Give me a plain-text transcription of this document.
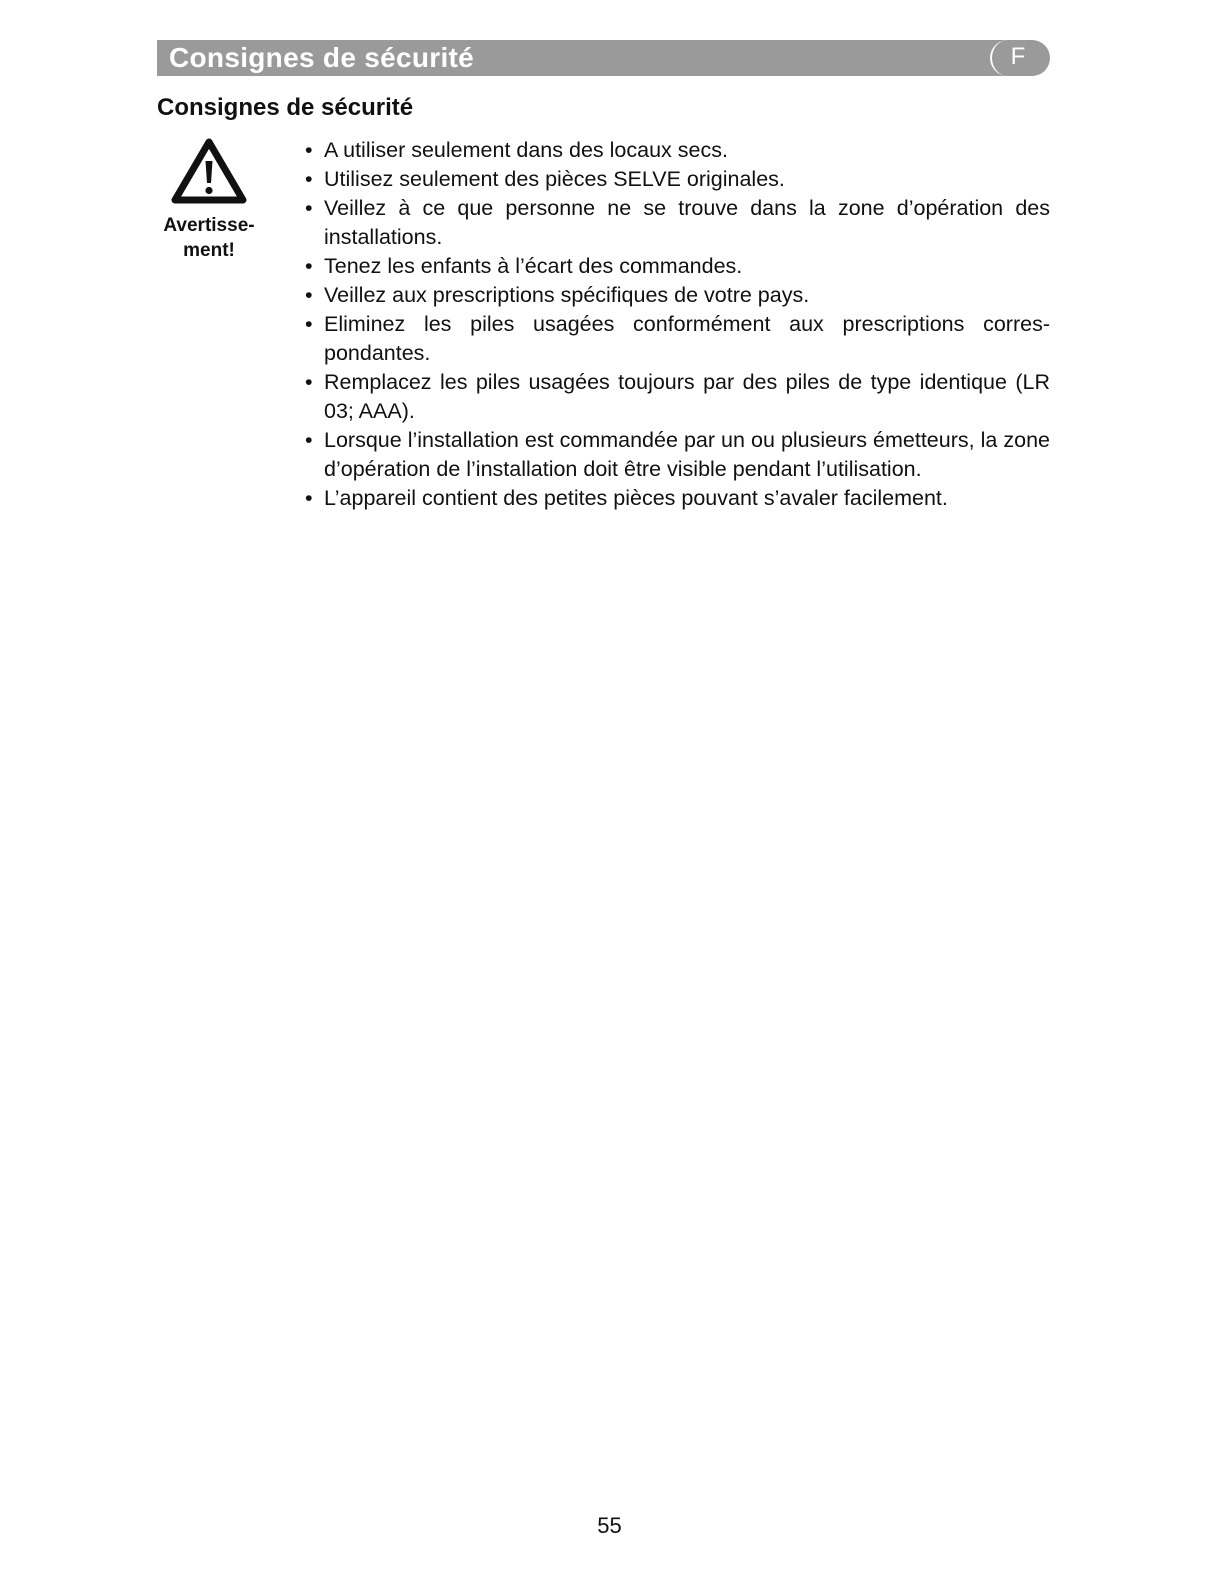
Consignes de sécurité	F
Consignes de sécurité
Avertisse-
ment!
• A utiliser seulement dans des locaux secs.
• Utilisez seulement des pièces SELVE originales.
• Veillez à ce que personne ne se trouve dans la zone d’opération des installations.
• Tenez les enfants à l’écart des commandes.
• Veillez aux prescriptions spécifiques de votre pays.
• Eliminez les piles usagées conformément aux prescriptions correspondantes.
• Remplacez les piles usagées toujours par des piles de type identique (LR 03; AAA).
• Lorsque l’installation est commandée par un ou plusieurs émetteurs, la zone d’opération de l’installation doit être visible pendant l’utilisation.
• L’appareil contient des petites pièces pouvant s’avaler facilement.
55
